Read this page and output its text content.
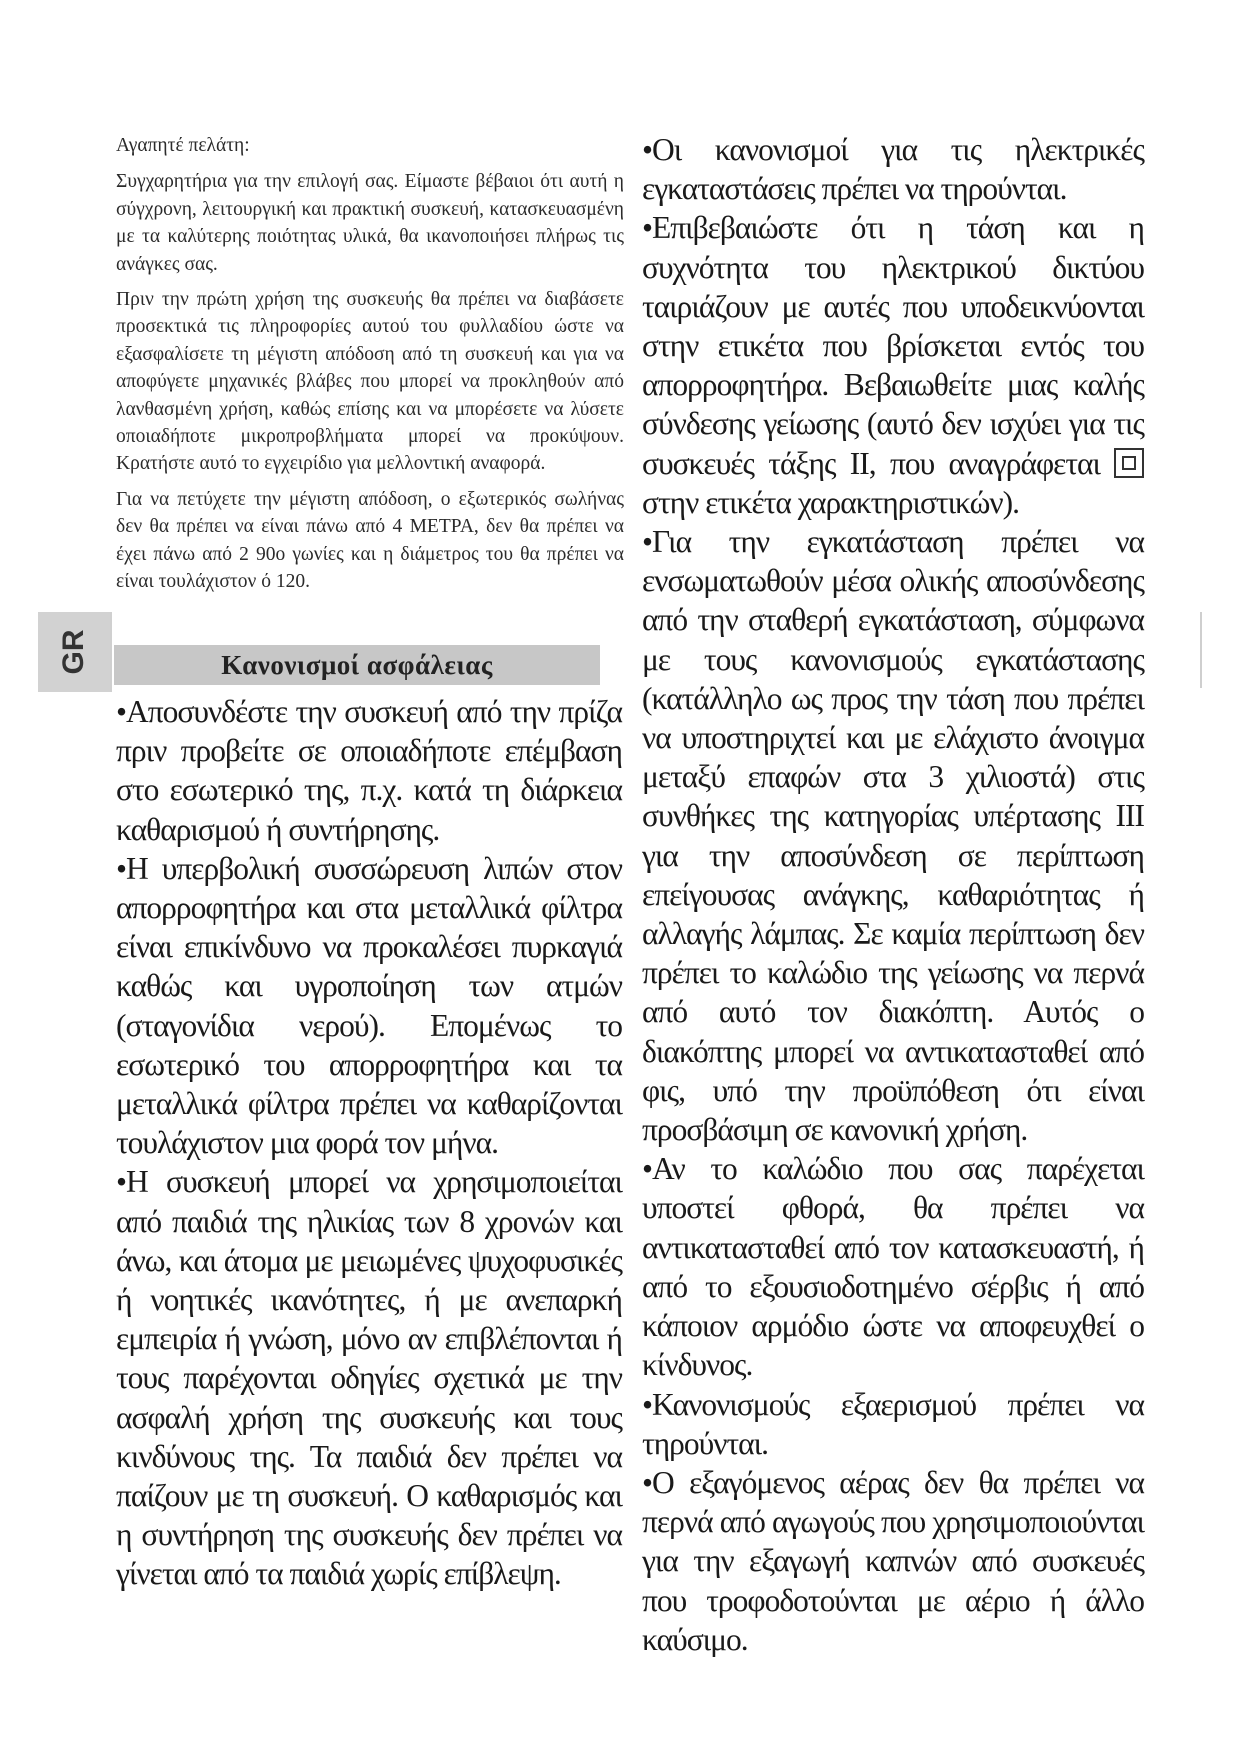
GR

Αγαπητέ πελάτη:

Συγχαρητήρια για την επιλογή σας. Είμαστε βέβαιοι ότι αυτή η σύγχρονη, λειτουργική και πρακτική συσκευή, κατασκευασμένη με τα καλύτερης ποιότητας υλικά, θα ικανοποιήσει πλήρως τις ανάγκες σας.

Πριν την πρώτη χρήση της συσκευής θα πρέπει να διαβάσετε προσεκτικά τις πληροφορίες αυτού του φυλλαδίου ώστε να εξασφαλίσετε τη μέγιστη απόδοση από τη συσκευή και για να αποφύγετε μηχανικές βλάβες που μπορεί να προκληθούν από λανθασμένη χρήση, καθώς επίσης και να μπορέσετε να λύσετε οποιαδήποτε μικροπροβλήματα μπορεί να προκύψουν. Κρατήστε αυτό το εγχειρίδιο για μελλοντική αναφορά.

Για να πετύχετε την μέγιστη απόδοση, ο εξωτερικός σωλήνας δεν θα πρέπει να είναι πάνω από 4 ΜΕΤΡΑ, δεν θα πρέπει να έχει πάνω από 2 90ο γωνίες και η διάμετρος του θα πρέπει να είναι τουλάχιστον ό 120.

Κανονισμοί ασφάλειας

•Αποσυνδέστε την συσκευή από την πρίζα πριν προβείτε σε οποιαδήποτε επέμβαση στο εσωτερικό της, π.χ. κατά τη διάρκεια καθαρισμού ή συντήρησης.

•Η υπερβολική συσσώρευση λιπών στον απορροφητήρα και στα μεταλλικά φίλτρα είναι επικίνδυνο να προκαλέσει πυρκαγιά καθώς και υγροποίηση των ατμών (σταγονίδια νερού). Επομένως το εσωτερικό του απορροφητήρα και τα μεταλλικά φίλτρα πρέπει να καθαρίζονται τουλάχιστον μια φορά τον μήνα.

•Η συσκευή μπορεί να χρησιμοποιείται από παιδιά της ηλικίας των 8 χρονών και άνω, και άτομα με μειωμένες ψυχοφυσικές ή νοητικές ικανότητες, ή με ανεπαρκή εμπειρία ή γνώση, μόνο αν επιβλέπονται ή τους παρέχονται οδηγίες σχετικά με την ασφαλή χρήση της συσκευής και τους κινδύνους της. Τα παιδιά δεν πρέπει να παίζουν με τη συσκευή. Ο καθαρισμός και η συντήρηση της συσκευής δεν πρέπει να γίνεται από τα παιδιά χωρίς επίβλεψη.

•Οι κανονισμοί για τις ηλεκτρικές εγκαταστάσεις πρέπει να τηρούνται.

•Επιβεβαιώστε ότι η τάση και η συχνότητα του ηλεκτρικού δικτύου ταιριάζουν με αυτές που υποδεικνύονται στην ετικέτα που βρίσκεται εντός του απορροφητήρα. Βεβαιωθείτε μιας καλής σύνδεσης γείωσης (αυτό δεν ισχύει για τις συσκευές τάξης II, που αναγράφεται στην ετικέτα χαρακτηριστικών).

•Για την εγκατάσταση πρέπει να ενσωματωθούν μέσα ολικής αποσύνδεσης από την σταθερή εγκατάσταση, σύμφωνα με τους κανονισμούς εγκατάστασης (κατάλληλο ως προς την τάση που πρέπει να υποστηριχτεί και με ελάχιστο άνοιγμα μεταξύ επαφών στα 3 χιλιοστά) στις συνθήκες της κατηγορίας υπέρτασης III για την αποσύνδεση σε περίπτωση επείγουσας ανάγκης, καθαριότητας ή αλλαγής λάμπας. Σε καμία περίπτωση δεν πρέπει το καλώδιο της γείωσης να περνά από αυτό τον διακόπτη. Αυτός ο διακόπτης μπορεί να αντικατασταθεί από φις, υπό την προϋπόθεση ότι είναι προσβάσιμη σε κανονική χρήση.

•Αν το καλώδιο που σας παρέχεται υποστεί φθορά, θα πρέπει να αντικατασταθεί από τον κατασκευαστή, ή από το εξουσιοδοτημένο σέρβις ή από κάποιον αρμόδιο ώστε να αποφευχθεί ο κίνδυνος.

•Κανονισμούς εξαερισμού πρέπει να τηρούνται.

•Ο εξαγόμενος αέρας δεν θα πρέπει να περνά από αγωγούς που χρησιμοποιούνται για την εξαγωγή καπνών από συσκευές που τροφοδοτούνται με αέριο ή άλλο καύσιμο.
